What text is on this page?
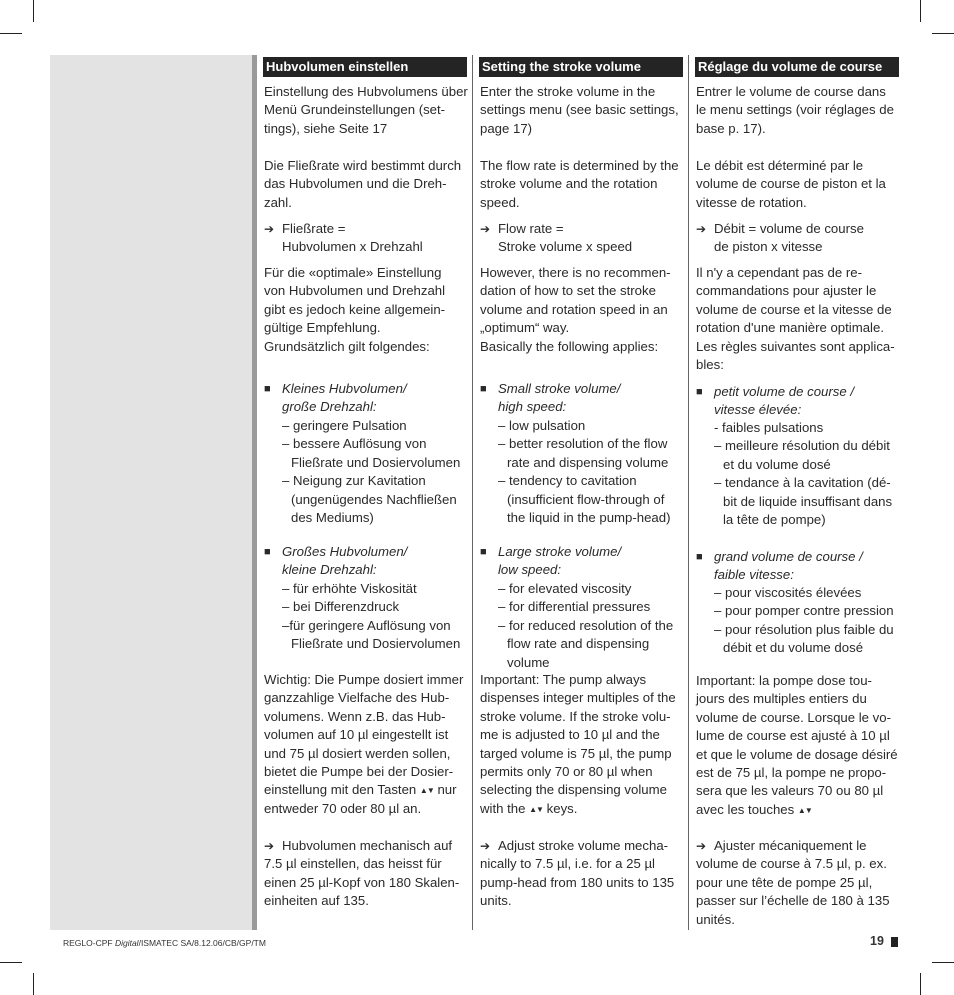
Hubvolumen einstellen
Einstellung des Hubvolumens über
Menü Grundeinstellungen (set-
tings), siehe Seite 17
Die Fließrate wird bestimmt durch
das Hubvolumen und die Dreh-
zahl.
➔ Fließrate =
Hubvolumen x Drehzahl
Für die «optimale» Einstellung
von Hubvolumen und Drehzahl
gibt es jedoch keine allgemein-
gültige Empfehlung.
Grundsätzlich gilt folgendes:
■ Kleines Hubvolumen/
große Drehzahl:
– geringere Pulsation
– bessere Auflösung von
Fließrate und Dosiervolumen
– Neigung zur Kavitation
(ungenügendes Nachfließen
des Mediums)
■ Großes Hubvolumen/
kleine Drehzahl:
– für erhöhte Viskosität
– bei Differenzdruck
–für geringere Auflösung von
Fließrate und Dosiervolumen
Wichtig: Die Pumpe dosiert immer
ganzzahlige Vielfache des Hub-
volumens. Wenn z.B. das Hub-
volumen auf 10 µl eingestellt ist
und 75 µl dosiert werden sollen,
bietet die Pumpe bei der Dosier-
einstellung mit den Tasten ▲▼ nur
entweder 70 oder 80 µl an.
➔ Hubvolumen mechanisch auf
7.5 µl einstellen, das heisst für
einen 25 µl-Kopf von 180 Skalen-
einheiten auf 135.
Setting the stroke volume
Enter the stroke volume in the
settings menu (see basic settings,
page 17)
The flow rate is determined by the
stroke volume and the rotation
speed.
➔ Flow rate =
Stroke volume x speed
However, there is no recommen-
dation of how to set the stroke
volume and rotation speed in an
„optimum“ way.
Basically the following applies:
■ Small stroke volume/
high speed:
– low pulsation
– better resolution of the flow
rate and dispensing volume
– tendency to cavitation
(insufficient flow-through of
the liquid in the pump-head)
■ Large stroke volume/
low speed:
– for elevated viscosity
– for differential pressures
– for reduced resolution of the
flow rate and dispensing
volume
Important: The pump always
dispenses integer multiples of the
stroke volume. If the stroke volu-
me is adjusted to 10 µl and the
targed volume is 75 µl, the pump
permits only 70 or 80 µl when
selecting the dispensing volume
with the ▲▼ keys.
➔ Adjust stroke volume mecha-
nically to 7.5 µl, i.e. for a 25 µl
pump-head from 180 units to 135
units.
Réglage du volume de course
Entrer le volume de course dans
le menu settings (voir réglages de
base p. 17).
Le débit est déterminé par le
volume de course de piston et la
vitesse de rotation.
➔ Débit = volume de course
de piston x vitesse
Il n'y a cependant pas de re-
commandations pour ajuster le
volume de course et la vitesse de
rotation d'une manière optimale.
Les règles suivantes sont applica-
bles:
■ petit volume de course /
vitesse élevée:
- faibles pulsations
– meilleure résolution du débit
et du volume dosé
– tendance à la cavitation (dé-
bit de liquide insuffisant dans
la tête de pompe)
■ grand volume de course /
faible vitesse:
– pour viscosités élevées
– pour pomper contre pression
– pour résolution plus faible du
débit et du volume dosé
Important: la pompe dose tou-
jours des multiples entiers du
volume de course. Lorsque le vo-
lume de course est ajusté à 10 µl
et que le volume de dosage désiré
est de 75 µl, la pompe ne propo-
sera que les valeurs 70 ou 80 µl
avec les touches ▲▼
➔ Ajuster mécaniquement le
volume de course à 7.5 µl, p. ex.
pour une tête de pompe 25 µl,
passer sur l’échelle de 180 à 135
unités.
REGLO-CPF Digital/ISMATEC SA/8.12.06/CB/GP/TM	19
